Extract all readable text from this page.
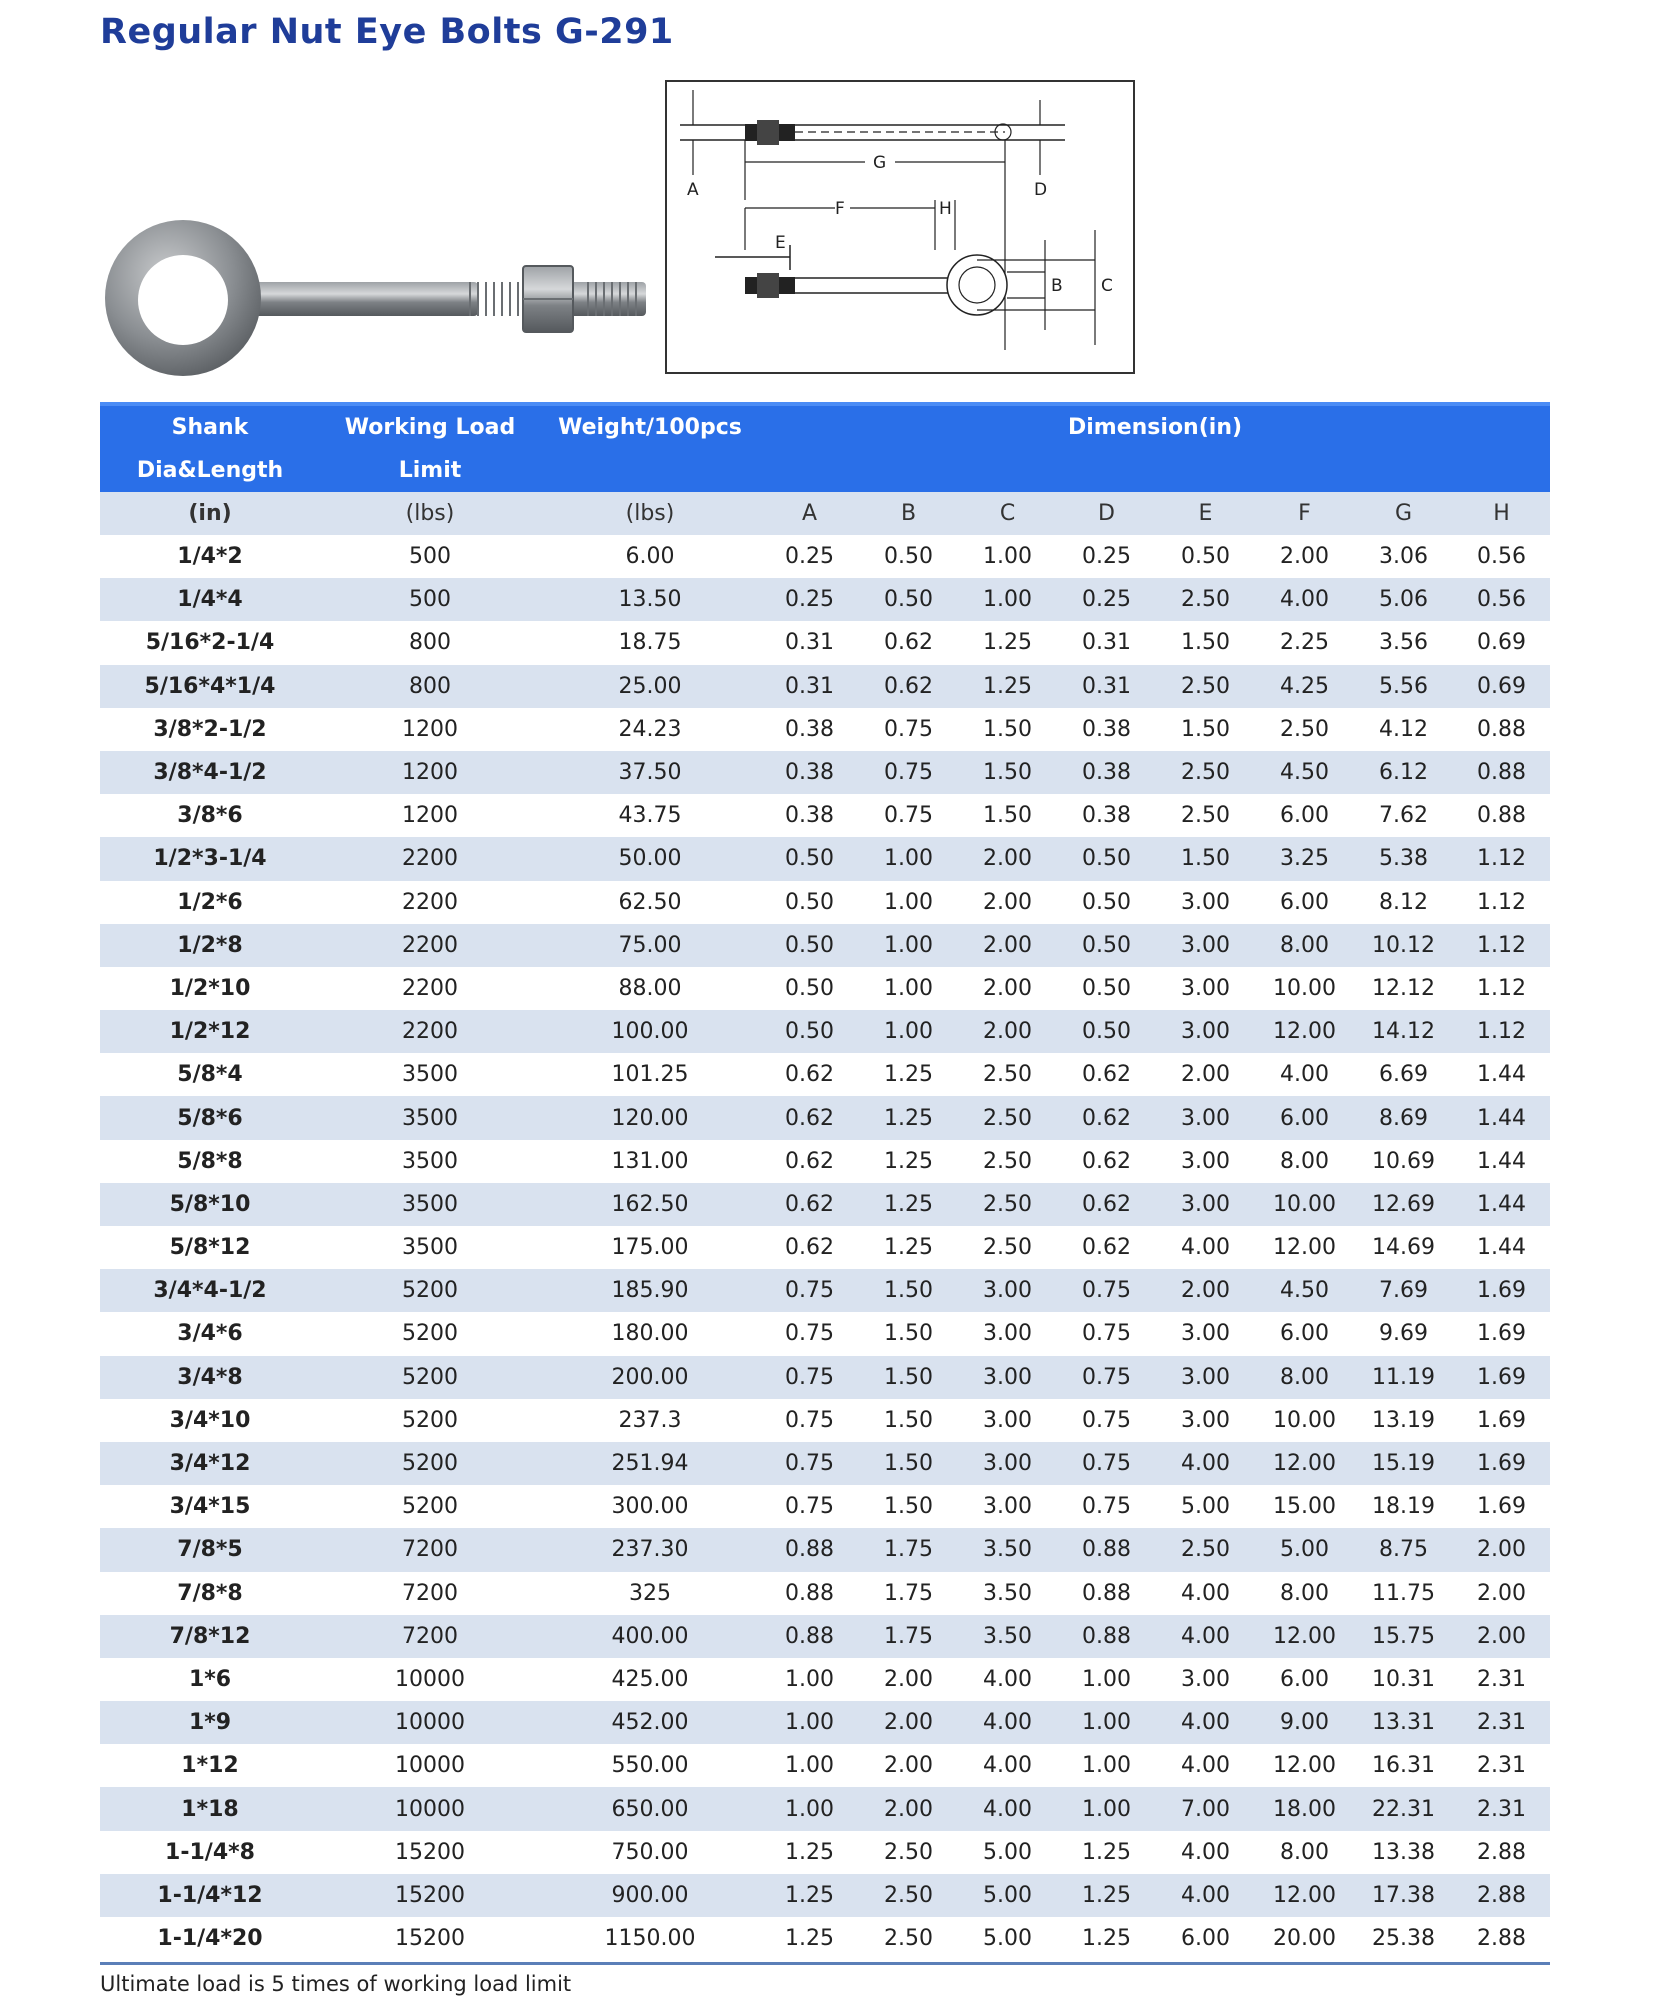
Regular Nut Eye Bolts G-291
A
G
D
F	H
E
B C
Shank	Working Load	Weight/100pcs	Dimension(in)							
Dia&Length	Limit									
(in)	(lbs)	(lbs)	A	B	C	D	E	F	G	H
1/4*2	500	6.00	0.25	0.50	1.00	0.25	0.50	2.00	3.06	0.56
1/4*4	500	13.50	0.25	0.50	1.00	0.25	2.50	4.00	5.06	0.56
5/16*2-1/4	800	18.75	0.31	0.62	1.25	0.31	1.50	2.25	3.56	0.69
5/16*4*1/4	800	25.00	0.31	0.62	1.25	0.31	2.50	4.25	5.56	0.69
3/8*2-1/2	1200	24.23	0.38	0.75	1.50	0.38	1.50	2.50	4.12	0.88
3/8*4-1/2	1200	37.50	0.38	0.75	1.50	0.38	2.50	4.50	6.12	0.88
3/8*6	1200	43.75	0.38	0.75	1.50	0.38	2.50	6.00	7.62	0.88
1/2*3-1/4	2200	50.00	0.50	1.00	2.00	0.50	1.50	3.25	5.38	1.12
1/2*6	2200	62.50	0.50	1.00	2.00	0.50	3.00	6.00	8.12	1.12
1/2*8	2200	75.00	0.50	1.00	2.00	0.50	3.00	8.00	10.12	1.12
1/2*10	2200	88.00	0.50	1.00	2.00	0.50	3.00	10.00	12.12	1.12
1/2*12	2200	100.00	0.50	1.00	2.00	0.50	3.00	12.00	14.12	1.12
5/8*4	3500	101.25	0.62	1.25	2.50	0.62	2.00	4.00	6.69	1.44
5/8*6	3500	120.00	0.62	1.25	2.50	0.62	3.00	6.00	8.69	1.44
5/8*8	3500	131.00	0.62	1.25	2.50	0.62	3.00	8.00	10.69	1.44
5/8*10	3500	162.50	0.62	1.25	2.50	0.62	3.00	10.00	12.69	1.44
5/8*12	3500	175.00	0.62	1.25	2.50	0.62	4.00	12.00	14.69	1.44
3/4*4-1/2	5200	185.90	0.75	1.50	3.00	0.75	2.00	4.50	7.69	1.69
3/4*6	5200	180.00	0.75	1.50	3.00	0.75	3.00	6.00	9.69	1.69
3/4*8	5200	200.00	0.75	1.50	3.00	0.75	3.00	8.00	11.19	1.69
3/4*10	5200	237.3	0.75	1.50	3.00	0.75	3.00	10.00	13.19	1.69
3/4*12	5200	251.94	0.75	1.50	3.00	0.75	4.00	12.00	15.19	1.69
3/4*15	5200	300.00	0.75	1.50	3.00	0.75	5.00	15.00	18.19	1.69
7/8*5	7200	237.30	0.88	1.75	3.50	0.88	2.50	5.00	8.75	2.00
7/8*8	7200	325	0.88	1.75	3.50	0.88	4.00	8.00	11.75	2.00
7/8*12	7200	400.00	0.88	1.75	3.50	0.88	4.00	12.00	15.75	2.00
1*6	10000	425.00	1.00	2.00	4.00	1.00	3.00	6.00	10.31	2.31
1*9	10000	452.00	1.00	2.00	4.00	1.00	4.00	9.00	13.31	2.31
1*12	10000	550.00	1.00	2.00	4.00	1.00	4.00	12.00	16.31	2.31
1*18	10000	650.00	1.00	2.00	4.00	1.00	7.00	18.00	22.31	2.31
1-1/4*8	15200	750.00	1.25	2.50	5.00	1.25	4.00	8.00	13.38	2.88
1-1/4*12	15200	900.00	1.25	2.50	5.00	1.25	4.00	12.00	17.38	2.88
1-1/4*20	15200	1150.00	1.25	2.50	5.00	1.25	6.00	20.00	25.38	2.88
Ultimate load is 5 times of working load limit
